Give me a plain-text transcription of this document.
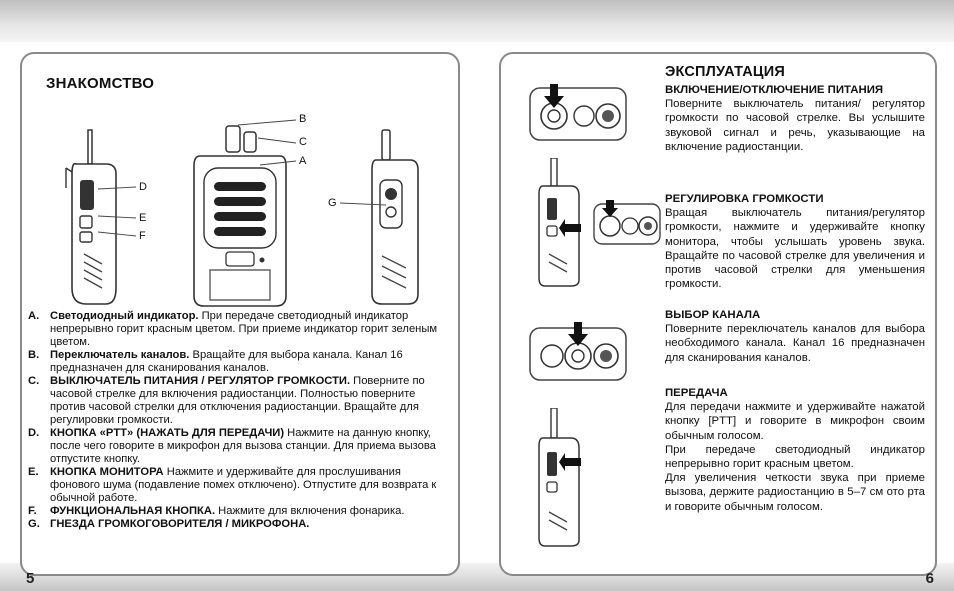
5	6
ЗНАКОМСТВО
B
C
A
D
E
F
G
A. Светодиодный индикатор. При передаче светодиодный индикатор непрерывно горит красным цветом. При приеме индикатор горит зеленым цветом.
B. Переключатель каналов. Вращайте для выбора канала. Канал 16 предназначен для сканирования каналов.
C. ВЫКЛЮЧАТЕЛЬ ПИТАНИЯ / РЕГУЛЯТОР ГРОМКОСТИ. Поверните по часовой стрелке для включения радиостанции. Полностью поверните против часовой стрелки для отключения радиостанции. Вращайте для регулировки громкости.
D. КНОПКА «PTT» (НАЖАТЬ ДЛЯ ПЕРЕДАЧИ) Нажмите на данную кнопку, после чего говорите в микрофон для вызова станции. Для приема вызова отпустите кнопку.
E. КНОПКА МОНИТОРА Нажмите и удерживайте для прослушивания фонового шума (подавление помех отключено). Отпустите для возврата к обычной работе.
F. ФУНКЦИОНАЛЬНАЯ КНОПКА. Нажмите для включения фонарика.
G. ГНЕЗДА ГРОМКОГОВОРИТЕЛЯ / МИКРОФОНА.
ЭКСПЛУАТАЦИЯ
ВКЛЮЧЕНИЕ/ОТКЛЮЧЕНИЕ ПИТАНИЯ

Поверните выключатель питания/ регулятор громкости по часовой стрелке. Вы услышите звуковой сигнал и речь, указывающие на включение радиостанции.

РЕГУЛИРОВКА ГРОМКОСТИ

Вращая выключатель питания/регулятор громкости, нажмите и удерживайте кнопку монитора, чтобы услышать уровень звука. Вращайте по часовой стрелке для увеличения и против часовой стрелки для уменьшения громкости.

ВЫБОР КАНАЛА

Поверните переключатель каналов для выбора необходимого канала. Канал 16 предназначен для сканирования каналов.

ПЕРЕДАЧА

Для передачи нажмите и удерживайте нажатой кнопку [PTT] и говорите в микрофон своим обычным голосом.

При передаче светодиодный индикатор непрерывно горит красным цветом.

Для увеличения четкости звука при приеме вызова, держите радиостанцию в 5–7 см ото рта и говорите обычным голосом.
